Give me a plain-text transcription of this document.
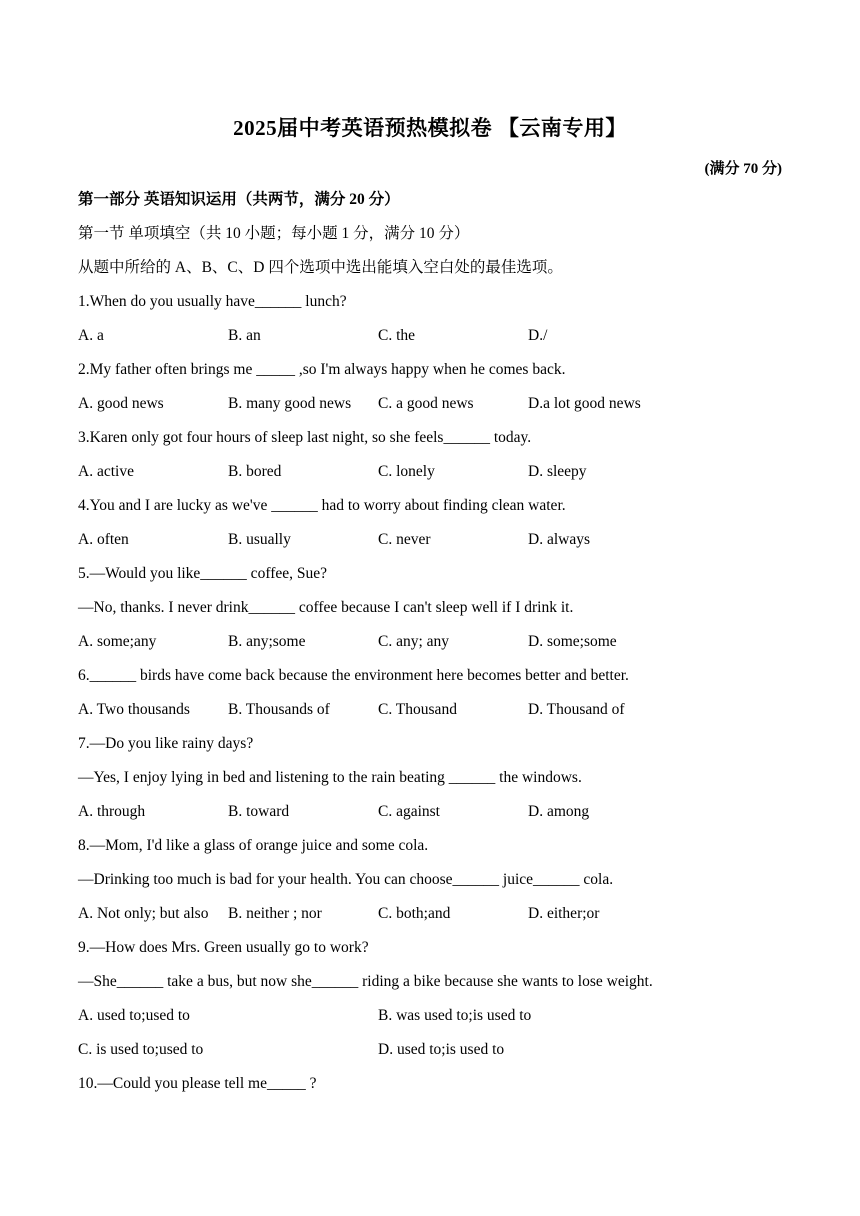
2025届中考英语预热模拟卷 【云南专用】
(满分 70 分)
第一部分 英语知识运用（共两节，满分 20 分）
第一节 单项填空（共 10 小题；每小题 1 分，满分 10 分）
从题中所给的 A、B、C、D 四个选项中选出能填入空白处的最佳选项。
1.When do you usually have______ lunch?
A. a	B. an	C. the	D./
2.My father often brings me _____ ,so I'm always happy when he comes back.
A. good news	B. many good news C. a good news	D.a lot good news
3.Karen only got four hours of sleep last night, so she feels______ today.
A. active	B. bored	C. lonely	D. sleepy
4.You and I are lucky as we've ______ had to worry about finding clean water.
A. often	B. usually	C. never	D. always
5.—Would you like______ coffee, Sue?
—No, thanks. I never drink______ coffee because I can't sleep well if I drink it.
A. some;any	B. any;some	C. any; any	D. some;some
6.______ birds have come back because the environment here becomes better and better.
A. Two thousands B. Thousands of	C. Thousand	D. Thousand of
7.—Do you like rainy days?
—Yes, I enjoy lying in bed and listening to the rain beating ______ the windows.
A. through	B. toward	C. against	D. among
8.—Mom, I'd like a glass of orange juice and some cola.
—Drinking too much is bad for your health. You can choose______ juice______ cola.
A. Not only; but also B. neither ; nor	C. both;and	D. either;or
9.—How does Mrs. Green usually go to work?
—She______ take a bus, but now she______ riding a bike because she wants to lose weight.
A. used to;used to	B. was used to;is used to
C. is used to;used to	D. used to;is used to
10.—Could you please tell me_____ ?
